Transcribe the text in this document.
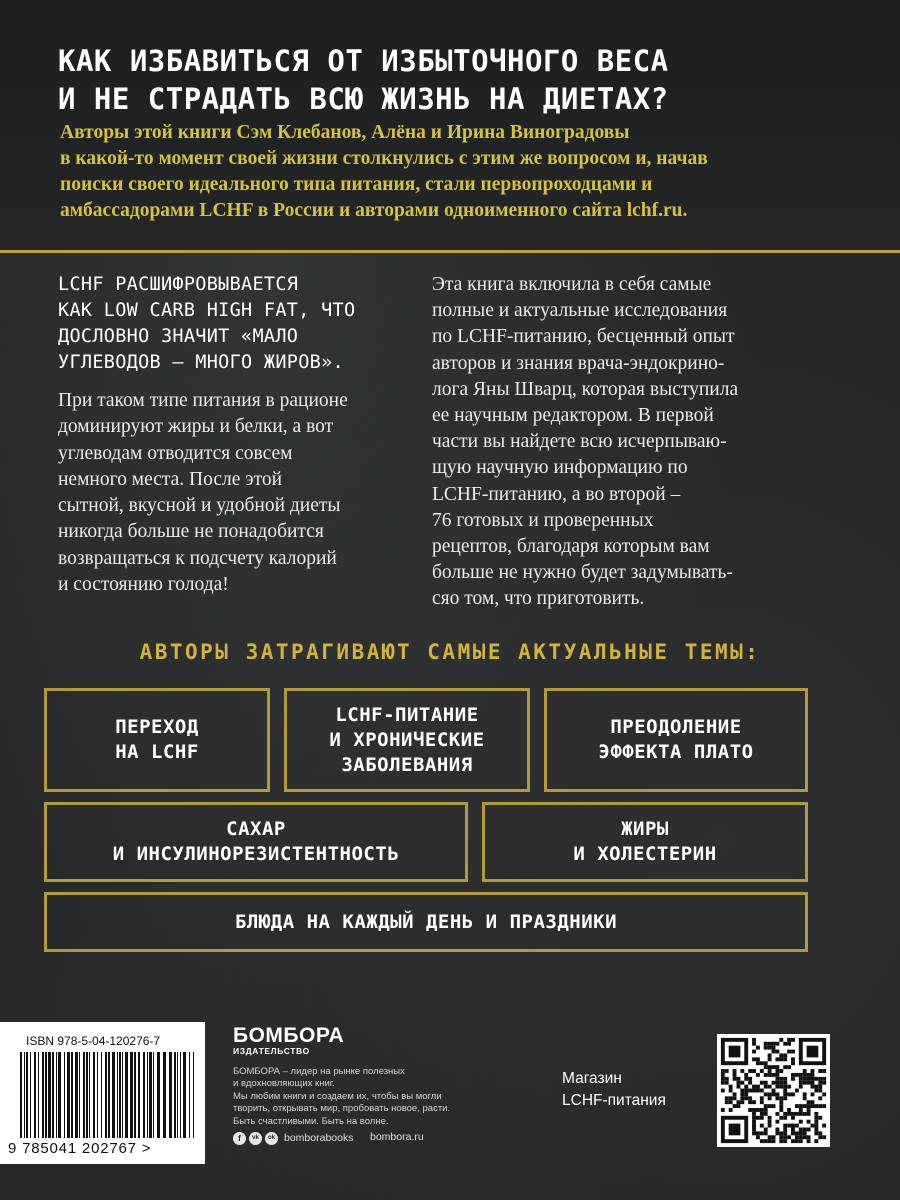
КАК ИЗБАВИТЬСЯ ОТ ИЗБЫТОЧНОГО ВЕСА
И НЕ СТРАДАТЬ ВСЮ ЖИЗНЬ НА ДИЕТАХ?
Авторы этой книги Сэм Клебанов, Алёна и Ирина Виноградовы
в какой-то момент своей жизни столкнулись с этим же вопросом и, начав
поиски своего идеального типа питания, стали первопроходцами и
амбассадорами LCHF в России и авторами одноименного сайта lchf.ru.
LCHF РАСШИФРОВЫВАЕТСЯ
КАК LOW CARB HIGH FAT, ЧТО
ДОСЛОВНО ЗНАЧИТ «МАЛО
УГЛЕВОДОВ – МНОГО ЖИРОВ».
При таком типе питания в рационе
доминируют жиры и белки, а вот
углеводам отводится совсем
немного места. После этой
сытной, вкусной и удобной диеты
никогда больше не понадобится
возвращаться к подсчету калорий
и состоянию голода!
Эта книга включила в себя самые
полные и актуальные исследования
по LCHF-питанию, бесценный опыт
авторов и знания врача-эндокрино-
лога Яны Шварц, которая выступила
ее научным редактором. В первой
части вы найдете всю исчерпываю-
щую научную информацию по
LCHF-питанию, а во второй –
76 готовых и проверенных
рецептов, благодаря которым вам
больше не нужно будет задумывать-
сяо том, что приготовить.
АВТОРЫ ЗАТРАГИВАЮТ САМЫЕ АКТУАЛЬНЫЕ ТЕМЫ:
ПЕРЕХОД
НА LCHF
LCHF-ПИТАНИЕ
И ХРОНИЧЕСКИЕ
ЗАБОЛЕВАНИЯ
ПРЕОДОЛЕНИЕ
ЭФФЕКТА ПЛАТО
САХАР
И ИНСУЛИНОРЕЗИСТЕНТНОСТЬ
ЖИРЫ
И ХОЛЕСТЕРИН
БЛЮДА НА КАЖДЫЙ ДЕНЬ И ПРАЗДНИКИ
ISBN 978-5-04-120276-7
9 785041 202767 >
БОМБОРА
ИЗДАТЕЛЬСТВО
БОМБОРА – лидер на рынке полезных
и вдохновляющих книг.
Мы любим книги и создаем их, чтобы вы могли
творить, открывать мир, пробовать новое, расти.
Быть счастливыми. Быть на волне.
f	vk	ok bomborabooks bombora.ru
Магазин
LCHF-питания
